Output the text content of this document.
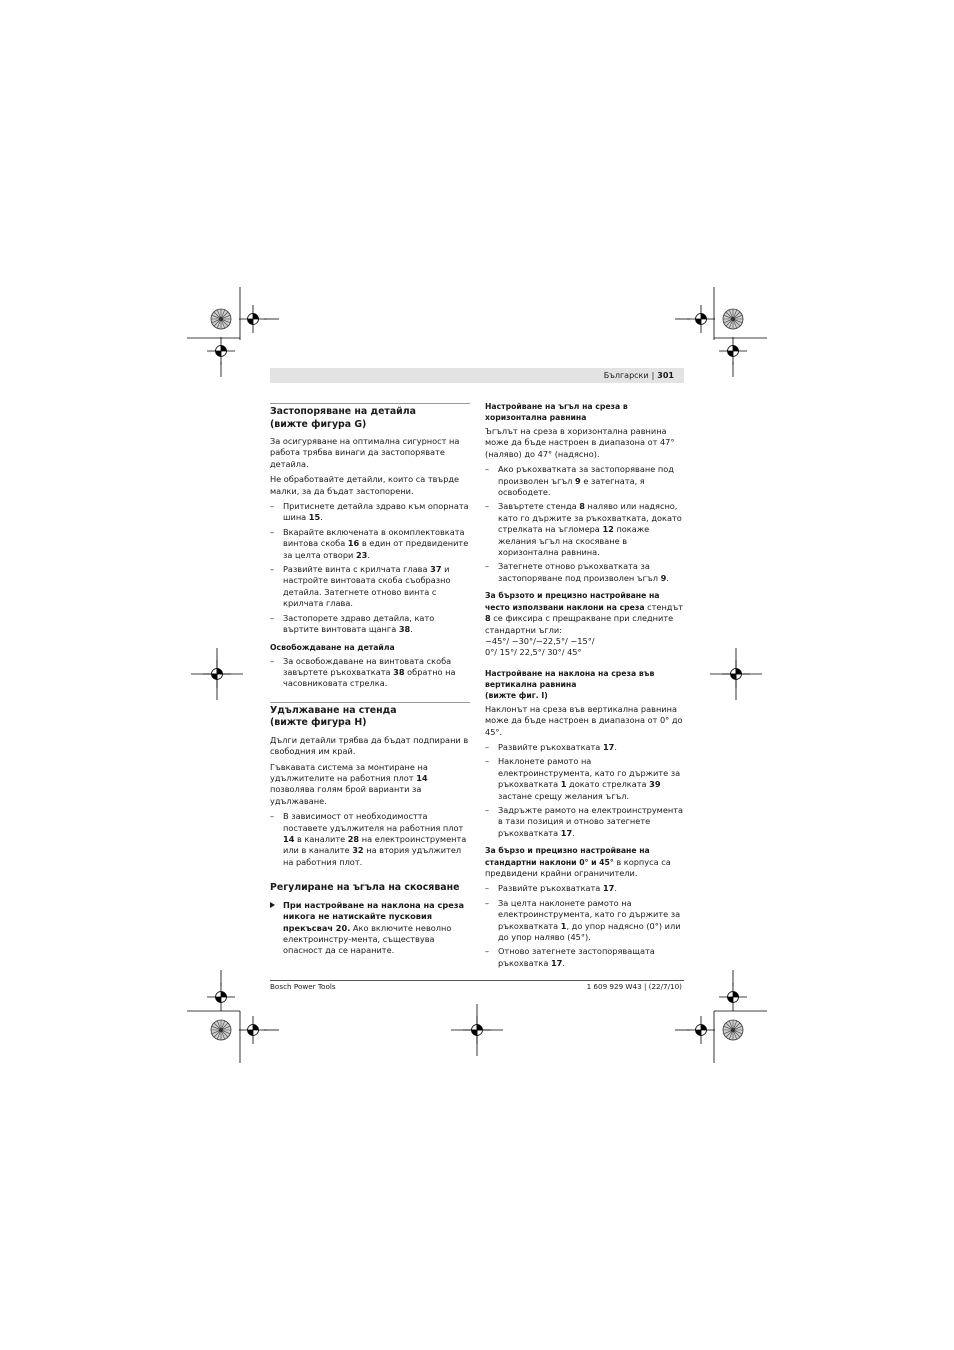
Български | 301
Застопоряване на детайла
(вижте фигура G)

За осигуряване на оптимална сигурност на работа трябва винаги да застопорявате детайла.

Не обработвайте детайли, които са твърде малки, за да бъдат застопорени.

– Притиснете детайла здраво към опорната шина 15.
– Вкарайте включената в окомплектовката винтова скоба 16 в един от предвидените за целта отвори 23.
– Развийте винта с крилчата глава 37 и настройте винтовата скоба съобразно детайла. Затегнете отново винта с крилчата глава.
– Застопорете здраво детайла, като въртите винтовата щанга 38.
Освобождаване на детайла
– За освобождаване на винтовата скоба завъртете ръкохватката 38 обратно на часовниковата стрелка.
Удължаване на стенда
(вижте фигура H)

Дълги детайли трябва да бъдат подпирани в свободния им край.

Гъвкавата система за монтиране на удължителите на работния плот 14 позволява голям брой варианти за удължаване.

– В зависимост от необходимостта поставете удължителя на работния плот 14 в каналите 28 на електроинструмента или в каналите 32 на втория удължител на работния плот.
Регулиране на ъгъла на скосяване
При настройване на наклона на среза никога не натискайте пусковия прекъсвач 20. Ако включите неволно електроинстру-мента, съществува опасност да се нараните.
Настройване на ъгъл на среза в хоризонтална равнина

Ъгълът на среза в хоризонтална равнина може да бъде настроен в диапазона от 47° (наляво) до 47° (надясно).

– Ако ръкохватката за застопоряване под произволен ъгъл 9 е затегната, я освободете.
– Завъртете стенда 8 наляво или надясно, като го държите за ръкохватката, докато стрелката на ъгломера 12 покаже желания ъгъл на скосяване в хоризонтална равнина.
– Затегнете отново ръкохватката за застопоряване под произволен ъгъл 9.

За бързото и прецизно настройване на често използвани наклони на среза стендът 8 се фиксира с прещракване при следните стандартни ъгли:
−45°/ −30°/−22,5°/ −15°/
0°/ 15°/ 22,5°/ 30°/ 45°

Настройване на наклона на среза във вертикална равнина
(вижте фиг. I)

Наклонът на среза във вертикална равнина може да бъде настроен в диапазона от 0° до 45°.

– Развийте ръкохватката 17.
– Наклонете рамото на електроинструмента, като го държите за ръкохватката 1 докато стрелката 39 застане срещу желания ъгъл.
– Задръжте рамото на електроинструмента в тази позиция и отново затегнете ръкохватката 17.

За бързо и прецизно настройване на стандартни наклони 0° и 45° в корпуса са предвидени крайни ограничители.

– Развийте ръкохватката 17.
– За целта наклонете рамото на електроинструмента, като го държите за ръкохватката 1, до упор надясно (0°) или до упор наляво (45°).
– Отново затегнете застопоряващата ръкохватка 17.
Bosch Power Tools	1 609 929 W43 | (22/7/10)
